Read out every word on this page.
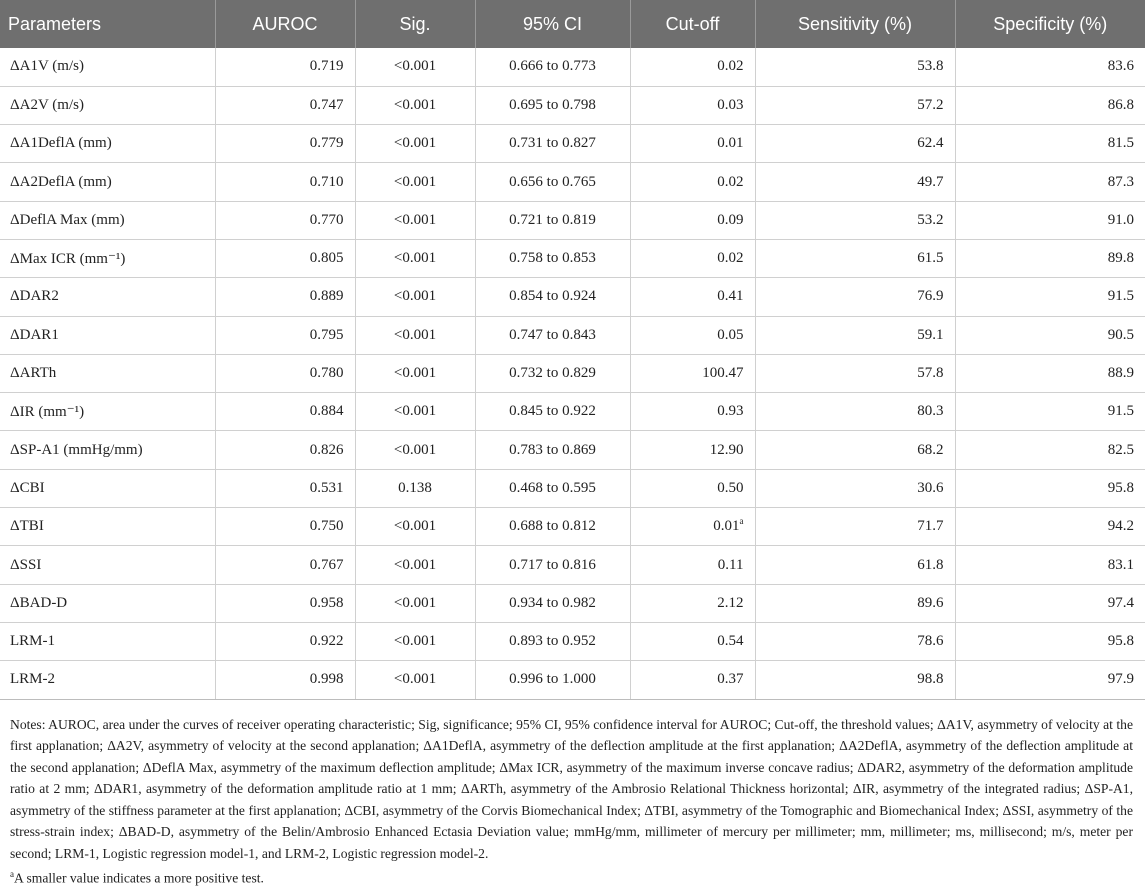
Parameters	AUROC	Sig.	95% CI	Cut-off	Sensitivity (%)	Specificity (%)
ΔA1V (m/s)	0.719	<0.001	0.666 to 0.773	0.02	53.8	83.6
ΔA2V (m/s)	0.747	<0.001	0.695 to 0.798	0.03	57.2	86.8
ΔA1DeflA (mm)	0.779	<0.001	0.731 to 0.827	0.01	62.4	81.5
ΔA2DeflA (mm)	0.710	<0.001	0.656 to 0.765	0.02	49.7	87.3
ΔDeflA Max (mm)	0.770	<0.001	0.721 to 0.819	0.09	53.2	91.0
ΔMax ICR (mm⁻¹)	0.805	<0.001	0.758 to 0.853	0.02	61.5	89.8
ΔDAR2	0.889	<0.001	0.854 to 0.924	0.41	76.9	91.5
ΔDAR1	0.795	<0.001	0.747 to 0.843	0.05	59.1	90.5
ΔARTh	0.780	<0.001	0.732 to 0.829	100.47	57.8	88.9
ΔIR (mm⁻¹)	0.884	<0.001	0.845 to 0.922	0.93	80.3	91.5
ΔSP-A1 (mmHg/mm)	0.826	<0.001	0.783 to 0.869	12.90	68.2	82.5
ΔCBI	0.531	0.138	0.468 to 0.595	0.50	30.6	95.8
ΔTBI	0.750	<0.001	0.688 to 0.812	0.01$^a$	71.7	94.2
ΔSSI	0.767	<0.001	0.717 to 0.816	0.11	61.8	83.1
ΔBAD-D	0.958	<0.001	0.934 to 0.982	2.12	89.6	97.4
LRM-1	0.922	<0.001	0.893 to 0.952	0.54	78.6	95.8
LRM-2	0.998	<0.001	0.996 to 1.000	0.37	98.8	97.9
Notes: AUROC, area under the curves of receiver operating characteristic; Sig, significance; 95% CI, 95% confidence interval for AUROC; Cut-off, the threshold values; ΔA1V, asymmetry of velocity at the first applanation; ΔA2V, asymmetry of velocity at the second applanation; ΔA1DeflA, asymmetry of the deflection amplitude at the first applanation; ΔA2DeflA, asymmetry of the deflection amplitude at the second applanation; ΔDeflA Max, asymmetry of the maximum deflection amplitude; ΔMax ICR, asymmetry of the maximum inverse concave radius; ΔDAR2, asymmetry of the deformation amplitude ratio at 2 mm; ΔDAR1, asymmetry of the deformation amplitude ratio at 1 mm; ΔARTh, asymmetry of the Ambrosio Relational Thickness horizontal; ΔIR, asymmetry of the integrated radius; ΔSP-A1, asymmetry of the stiffness parameter at the first applanation; ΔCBI, asymmetry of the Corvis Biomechanical Index; ΔTBI, asymmetry of the Tomographic and Biomechanical Index; ΔSSI, asymmetry of the stress-strain index; ΔBAD-D, asymmetry of the Belin/Ambrosio Enhanced Ectasia Deviation value; mmHg/mm, millimeter of mercury per millimeter; mm, millimeter; ms, millisecond; m/s, meter per second; LRM-1, Logistic regression model-1, and LRM-2, Logistic regression model-2.
$^a$A smaller value indicates a more positive test.
